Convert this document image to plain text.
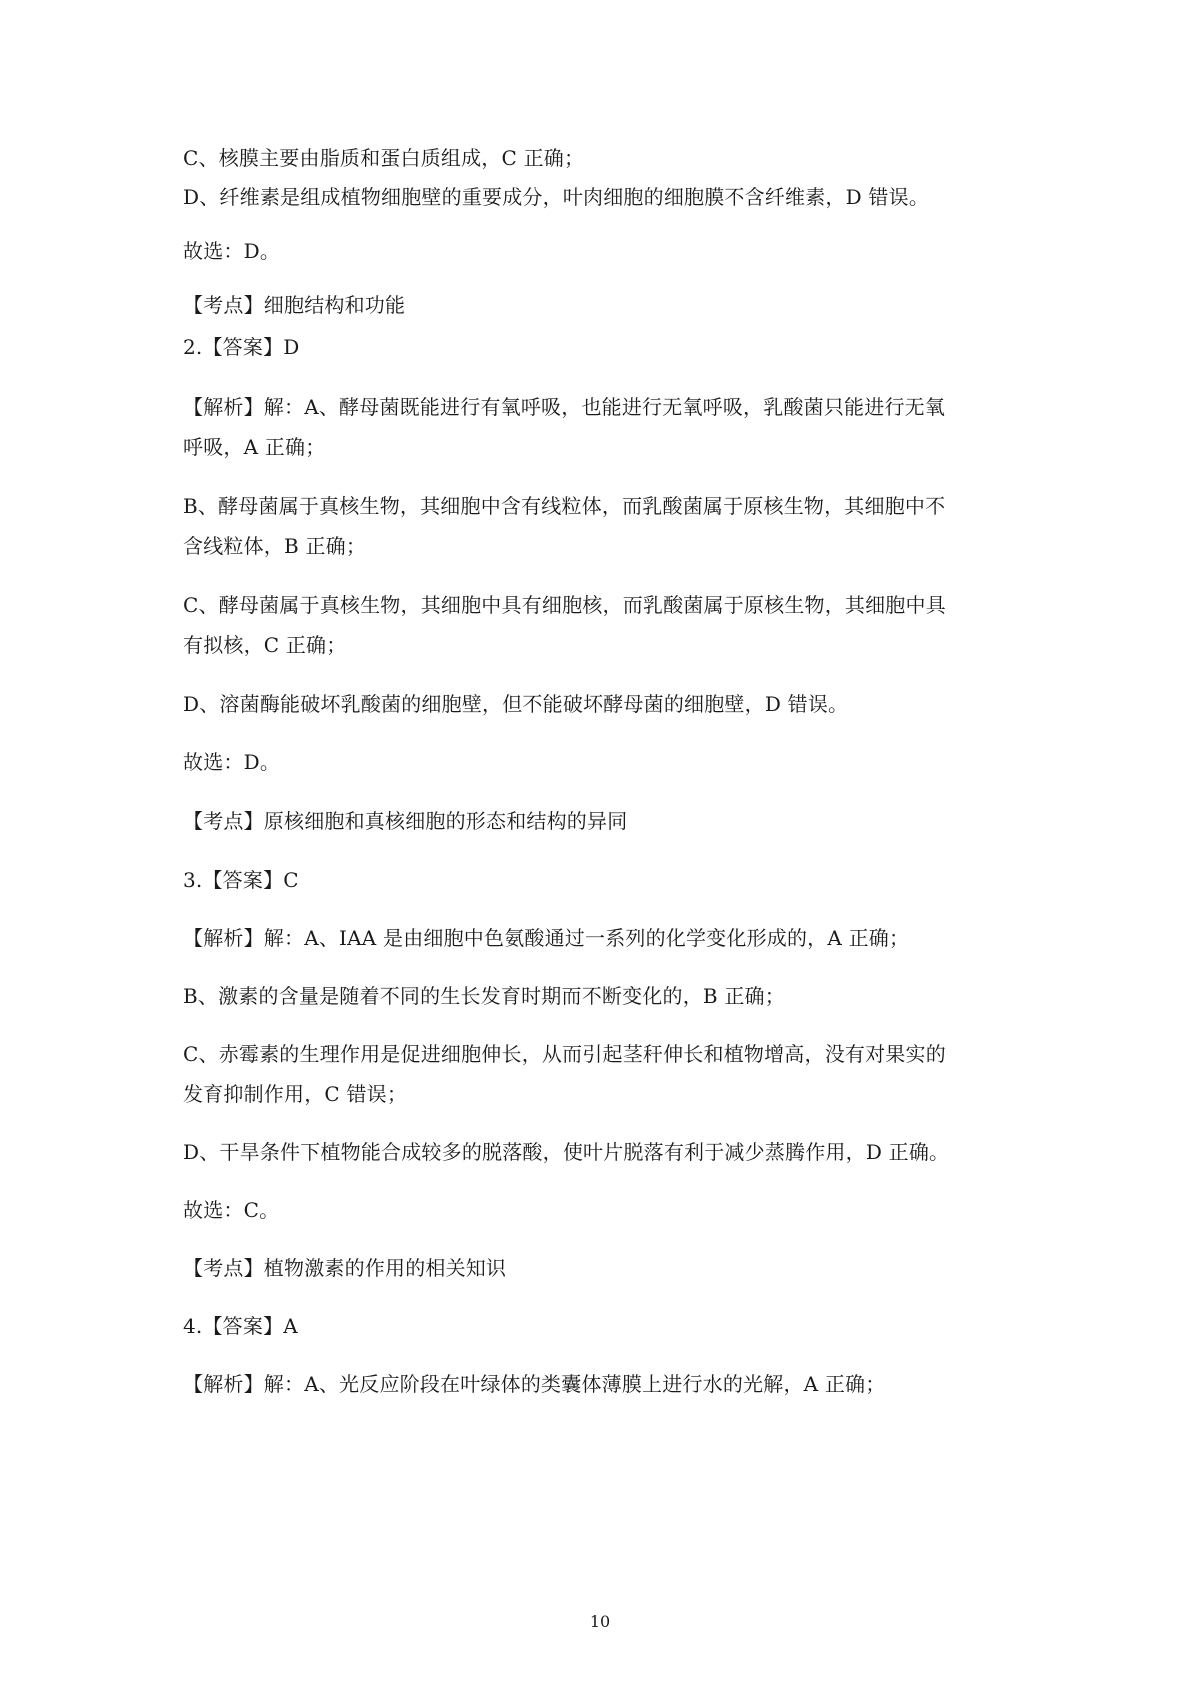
C、核膜主要由脂质和蛋白质组成，C 正确；
D、纤维素是组成植物细胞壁的重要成分，叶肉细胞的细胞膜不含纤维素，D 错误。
故选：D。
【考点】细胞结构和功能
2.【答案】D
【解析】解：A、酵母菌既能进行有氧呼吸，也能进行无氧呼吸，乳酸菌只能进行无氧
呼吸，A 正确；
B、酵母菌属于真核生物，其细胞中含有线粒体，而乳酸菌属于原核生物，其细胞中不
含线粒体，B 正确；
C、酵母菌属于真核生物，其细胞中具有细胞核，而乳酸菌属于原核生物，其细胞中具
有拟核，C 正确；
D、溶菌酶能破坏乳酸菌的细胞壁，但不能破坏酵母菌的细胞壁，D 错误。
故选：D。
【考点】原核细胞和真核细胞的形态和结构的异同
3.【答案】C
【解析】解：A、IAA 是由细胞中色氨酸通过一系列的化学变化形成的，A 正确；
B、激素的含量是随着不同的生长发育时期而不断变化的，B 正确；
C、赤霉素的生理作用是促进细胞伸长，从而引起茎秆伸长和植物增高，没有对果实的
发育抑制作用，C 错误；
D、干旱条件下植物能合成较多的脱落酸，使叶片脱落有利于减少蒸腾作用，D 正确。
故选：C。
【考点】植物激素的作用的相关知识
4.【答案】A
【解析】解：A、光反应阶段在叶绿体的类囊体薄膜上进行水的光解，A 正确；
10
